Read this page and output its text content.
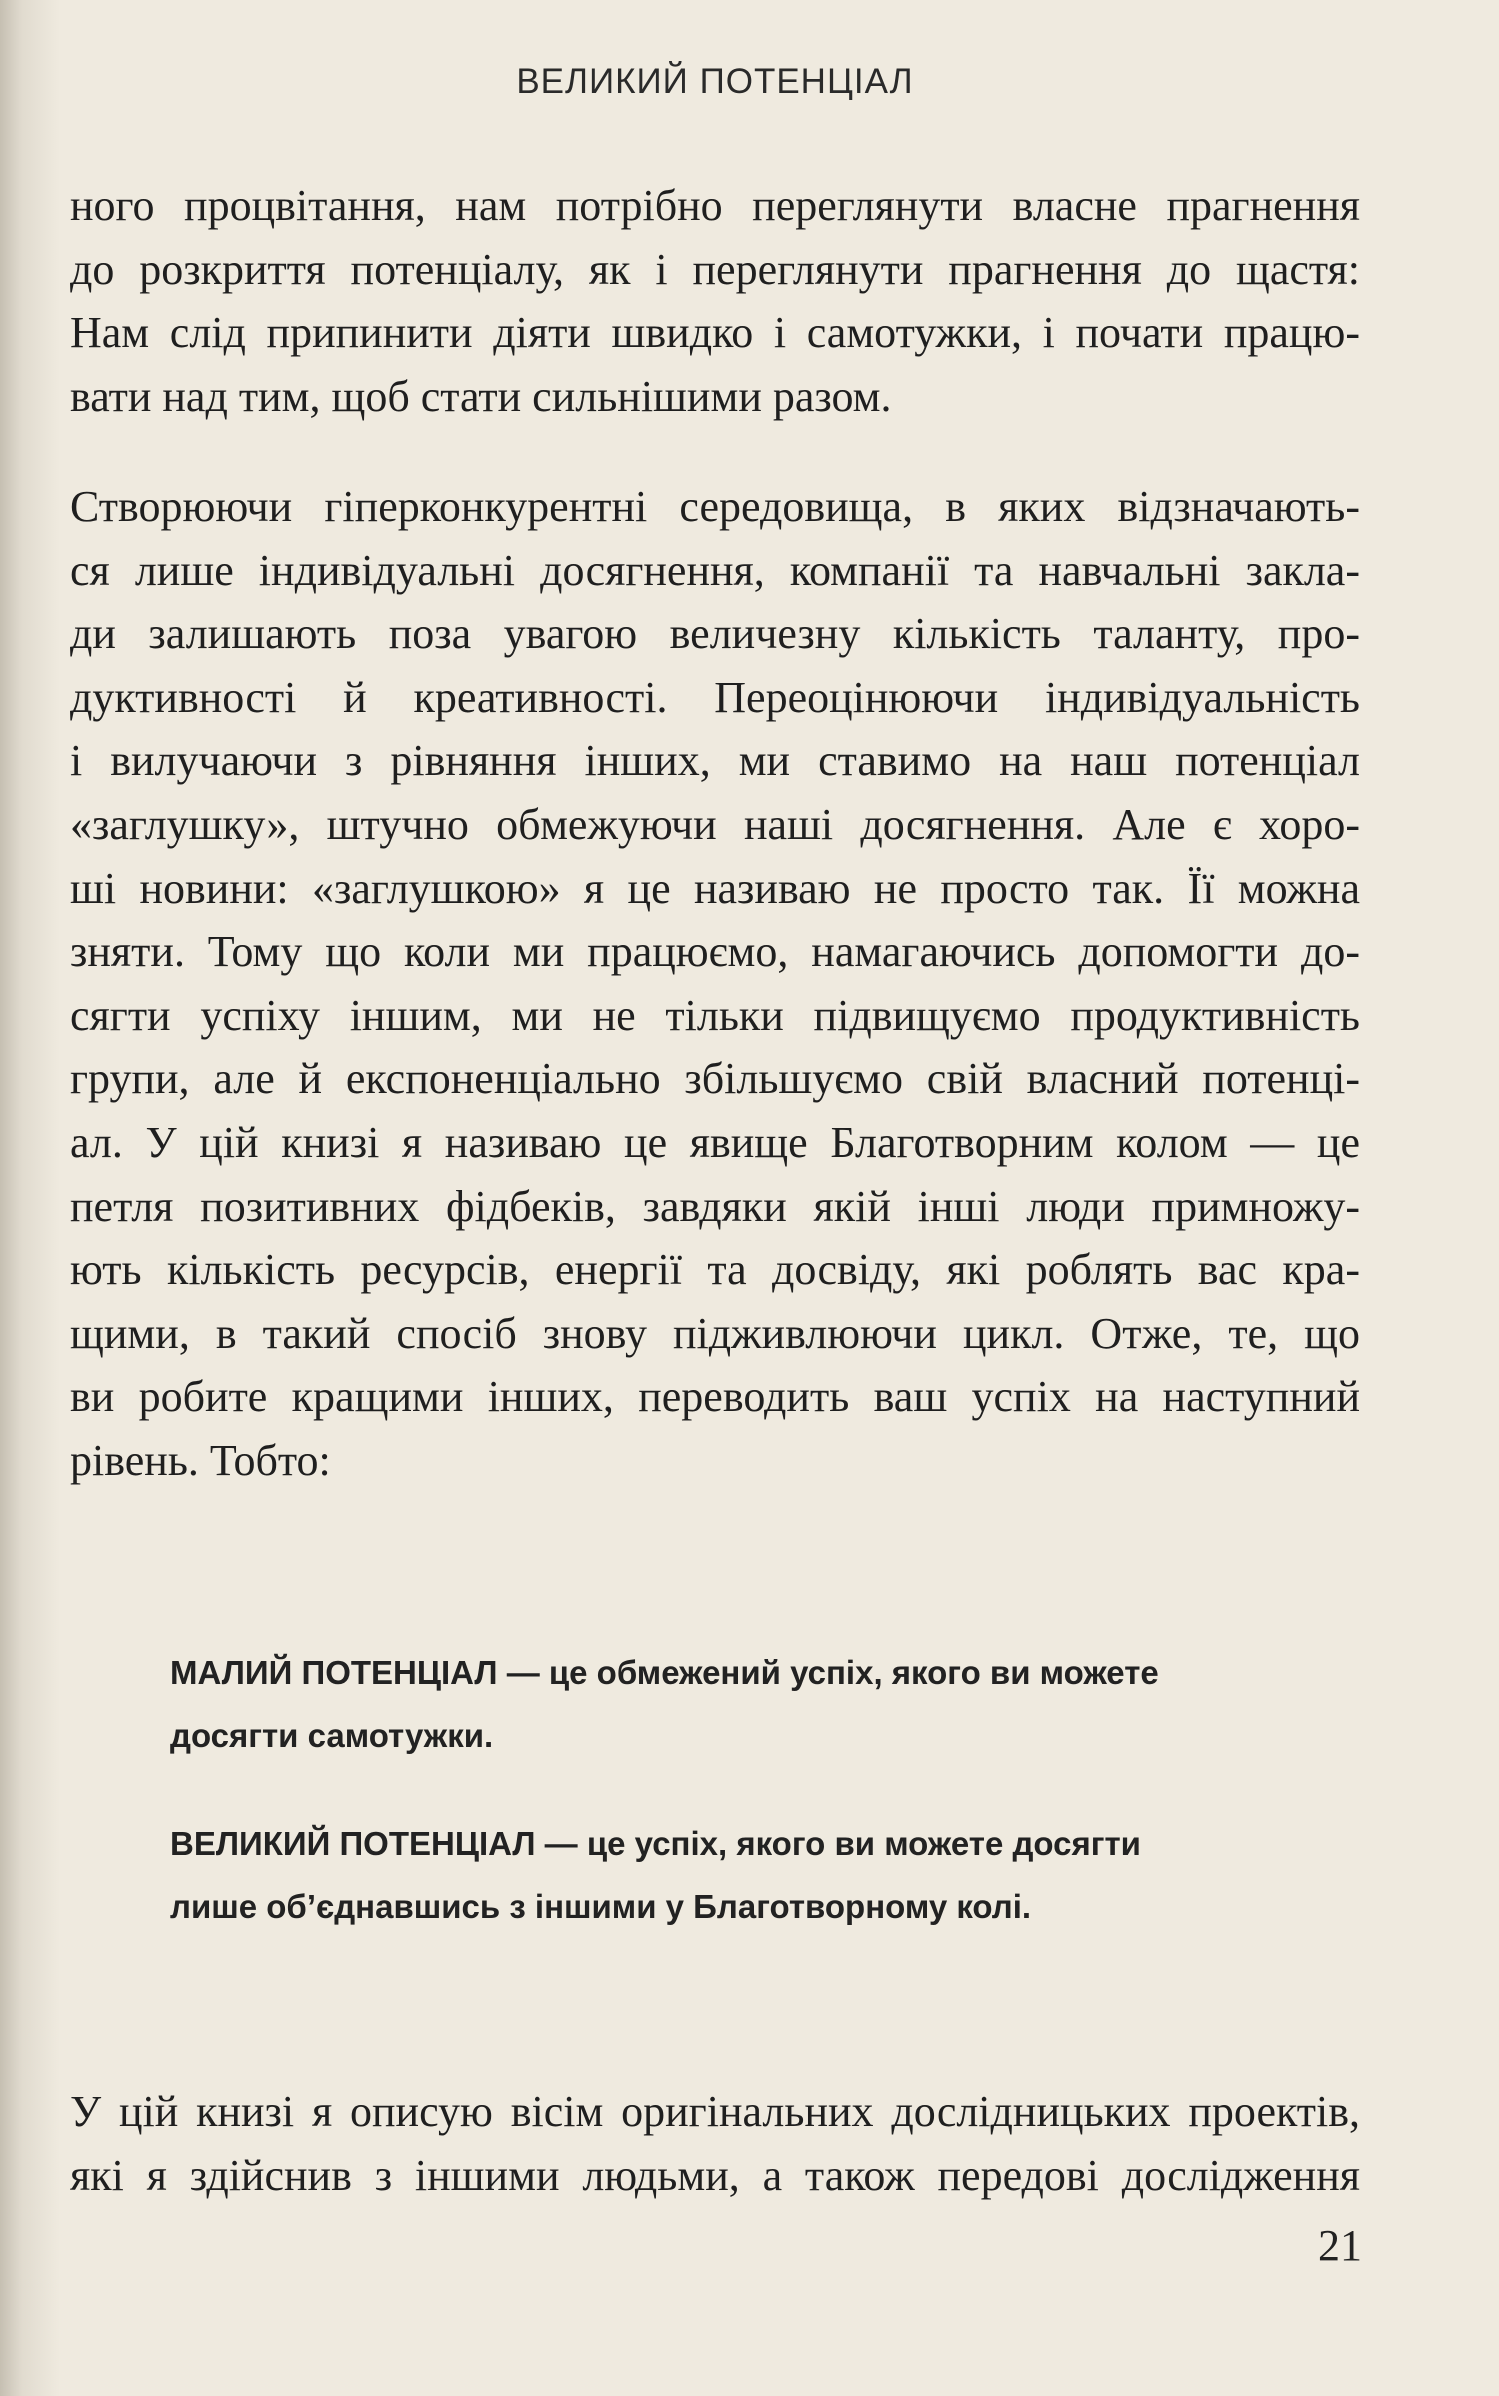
ВЕЛИКИЙ ПОТЕНЦІАЛ
ного процвітання, нам потрібно переглянути власне прагнення
до розкриття потенціалу, як і переглянути прагнення до щастя:
Нам слід припинити діяти швидко і самотужки, і почати працю-
вати над тим, щоб стати сильнішими разом.
Створюючи гіперконкурентні середовища, в яких відзначають-
ся лише індивідуальні досягнення, компанії та навчальні закла-
ди залишають поза увагою величезну кількість таланту, про-
дуктивності й креативності. Переоцінюючи індивідуальність
і вилучаючи з рівняння інших, ми ставимо на наш потенціал
«заглушку», штучно обмежуючи наші досягнення. Але є хоро-
ші новини: «заглушкою» я це називаю не просто так. Її можна
зняти. Тому що коли ми працюємо, намагаючись допомогти до-
сягти успіху іншим, ми не тільки підвищуємо продуктивність
групи, але й експоненціально збільшуємо свій власний потенці-
ал. У цій книзі я називаю це явище Благотворним колом — це
петля позитивних фідбеків, завдяки якій інші люди примножу-
ють кількість ресурсів, енергії та досвіду, які роблять вас кра-
щими, в такий спосіб знову підживлюючи цикл. Отже, те, що
ви робите кращими інших, переводить ваш успіх на наступний
рівень. Тобто:
МАЛИЙ ПОТЕНЦІАЛ — це обмежений успіх, якого ви можете
досягти самотужки.
ВЕЛИКИЙ ПОТЕНЦІАЛ — це успіх, якого ви можете досягти
лише об’єднавшись з іншими у Благотворному колі.
У цій книзі я описую вісім оригінальних дослідницьких проектів,
які я здійснив з іншими людьми, а також передові дослідження
21
